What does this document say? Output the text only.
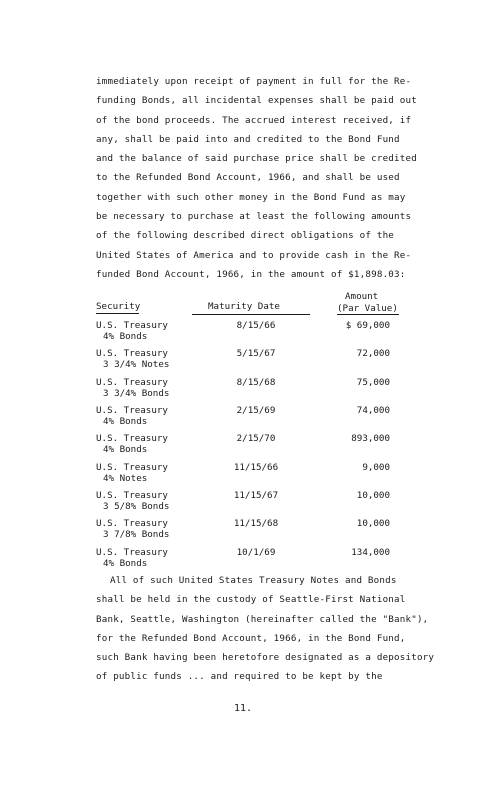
immediately upon receipt of payment in full for the Re-
funding Bonds, all incidental expenses shall be paid out
of the bond proceeds. The accrued interest received, if
any, shall be paid into and credited to the Bond Fund
and the balance of said purchase price shall be credited
to the Refunded Bond Account, 1966, and shall be used
together with such other money in the Bond Fund as may
be necessary to purchase at least the following amounts
of the following described direct obligations of the
United States of America and to provide cash in the Re-
funded Bond Account, 1966, in the amount of $1,898.03:
Security	Maturity Date
Amount
(Par Value)
U.S. Treasury
4% Bonds
8/15/66	$ 69,000
U.S. Treasury
3 3/4% Notes
5/15/67	72,000
U.S. Treasury
3 3/4% Bonds
8/15/68	75,000
U.S. Treasury
4% Bonds
2/15/69	74,000
U.S. Treasury
4% Bonds
2/15/70	893,000
U.S. Treasury
4% Notes
11/15/66	9,000
U.S. Treasury
3 5/8% Bonds
11/15/67	10,000
U.S. Treasury
3 7/8% Bonds
11/15/68	10,000
U.S. Treasury
4% Bonds
10/1/69	134,000
All of such United States Treasury Notes and Bonds
shall be held in the custody of Seattle-First National
Bank, Seattle, Washington (hereinafter called the "Bank"),
for the Refunded Bond Account, 1966, in the Bond Fund,
such Bank having been heretofore designated as a depository
of public funds ... and required to be kept by the
11.
